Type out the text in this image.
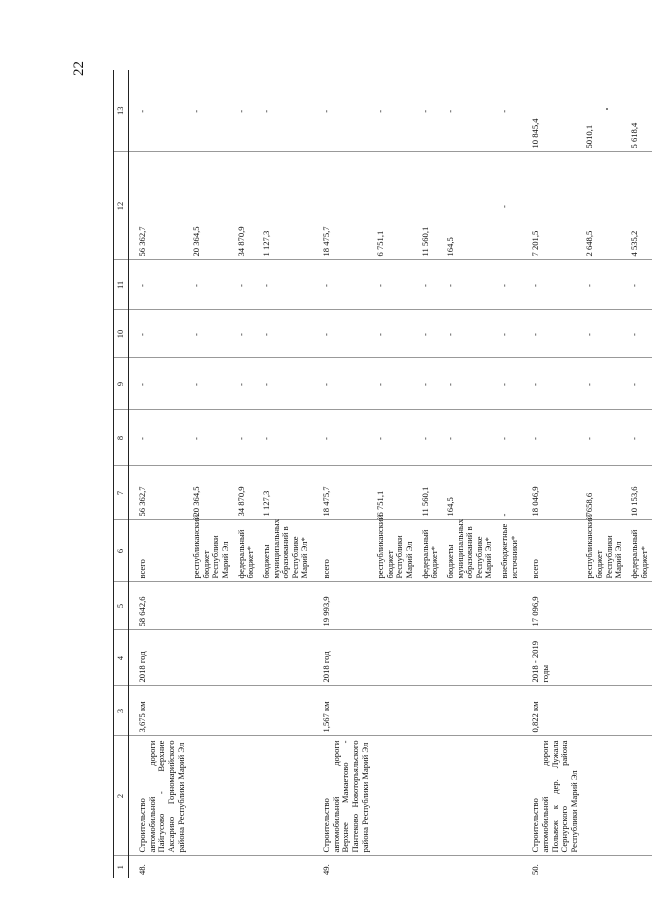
22
1	2	3	4	5	6	7	8	9	10	11	12	13
48.	Строительство автомобильной дороги Пайгусово - Верхние Аксарино Горномарийского района Республики Марий Эл	3,675 км	2018 год	58 642,6	всего	56 362,7	-	-	-	-	56 362,7	-
					республиканский бюджет Республики Марий Эл	20 364,5	-	-	-	-	20 364,5	-
					федеральный бюджет*	34 870,9	-	-	-	-	34 870,9	-
					бюджеты муниципальных образований в Республике Марий Эл*	1 127,3	-	-	-	-	1 127,3	-
49.	Строительство автомобильной дороги Верхнее Мамаетово - Пантеково Новоторъяльского района Республики Марий Эл	1,567 км	2018 год	19 993,9	всего	18 475,7	-	-	-	-	18 475,7	-
					республиканский бюджет Республики Марий Эл	6 751,1	-	-	-	-	6 751,1	-
					федеральный бюджет*	11 560,1	-	-	-	-	11 560,1	-
					бюджеты муниципальных образований в Республике Марий Эл*	164,5	-	-	-	-	164,5	-
					внебюджетные источники*	-	-	-	-	-	-	-
50.	Строительство автомобильной дороги Польвеж к дер. Лужала Сернурского района Республики Марий Эл	0,822 км	2018 - 2019 годы	17 096,9	всего	18 046,9	-	-	-	-	7 201,5	10 845,4
					республиканский бюджет Республики Марий Эл	7658,6	-	-	-	-	2 648,5	5010,1
					федеральный бюджет*	10 153,6	-	-	-	-	4 535,2	5 618,4
